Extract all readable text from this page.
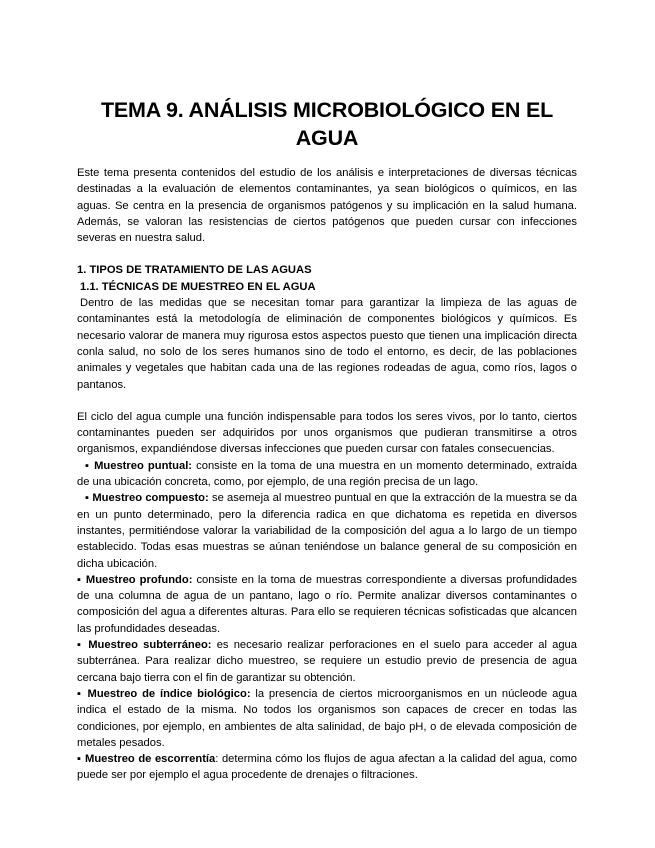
TEMA 9. ANÁLISIS MICROBIOLÓGICO EN EL
AGUA

Este tema presenta contenidos del estudio de los análisis e interpretaciones de diversas técnicas destinadas a la evaluación de elementos contaminantes, ya sean biológicos o químicos, en las aguas. Se centra en la presencia de organismos patógenos y su implicación en la salud humana. Además, se valoran las resistencias de ciertos patógenos que pueden cursar con infecciones severas en nuestra salud.

1. TIPOS DE TRATAMIENTO DE LAS AGUAS

1.1. TÉCNICAS DE MUESTREO EN EL AGUA

Dentro de las medidas que se necesitan tomar para garantizar la limpieza de las aguas de contaminantes está la metodología de eliminación de componentes biológicos y químicos. Es necesario valorar de manera muy rigurosa estos aspectos puesto que tienen una implicación directa conla salud, no solo de los seres humanos sino de todo el entorno, es decir, de las poblaciones animales y vegetales que habitan cada una de las regiones rodeadas de agua, como ríos, lagos o pantanos.

El ciclo del agua cumple una función indispensable para todos los seres vivos, por lo tanto, ciertos contaminantes pueden ser adquiridos por unos organismos que pudieran transmitirse a otros organismos, expandiéndose diversas infecciones que pueden cursar con fatales consecuencias.

▪ Muestreo puntual: consiste en la toma de una muestra en un momento determinado, extraída de una ubicación concreta, como, por ejemplo, de una región precisa de un lago.

▪ Muestreo compuesto: se asemeja al muestreo puntual en que la extracción de la muestra se da en un punto determinado, pero la diferencia radica en que dichatoma es repetida en diversos instantes, permitiéndose valorar la variabilidad de la composición del agua a lo largo de un tiempo establecido. Todas esas muestras se aúnan teniéndose un balance general de su composición en dicha ubicación.

▪ Muestreo profundo: consiste en la toma de muestras correspondiente a diversas profundidades de una columna de agua de un pantano, lago o río. Permite analizar diversos contaminantes o composición del agua a diferentes alturas. Para ello se requieren técnicas sofisticadas que alcancen las profundidades deseadas.

▪ Muestreo subterráneo: es necesario realizar perforaciones en el suelo para acceder al agua subterránea. Para realizar dicho muestreo, se requiere un estudio previo de presencia de agua cercana bajo tierra con el fin de garantizar su obtención.

▪ Muestreo de índice biológico: la presencia de ciertos microorganismos en un núcleode agua indica el estado de la misma. No todos los organismos son capaces de crecer en todas las condiciones, por ejemplo, en ambientes de alta salinidad, de bajo pH, o de elevada composición de metales pesados.

▪ Muestreo de escorrentía: determina cómo los flujos de agua afectan a la calidad del agua, como puede ser por ejemplo el agua procedente de drenajes o filtraciones.
